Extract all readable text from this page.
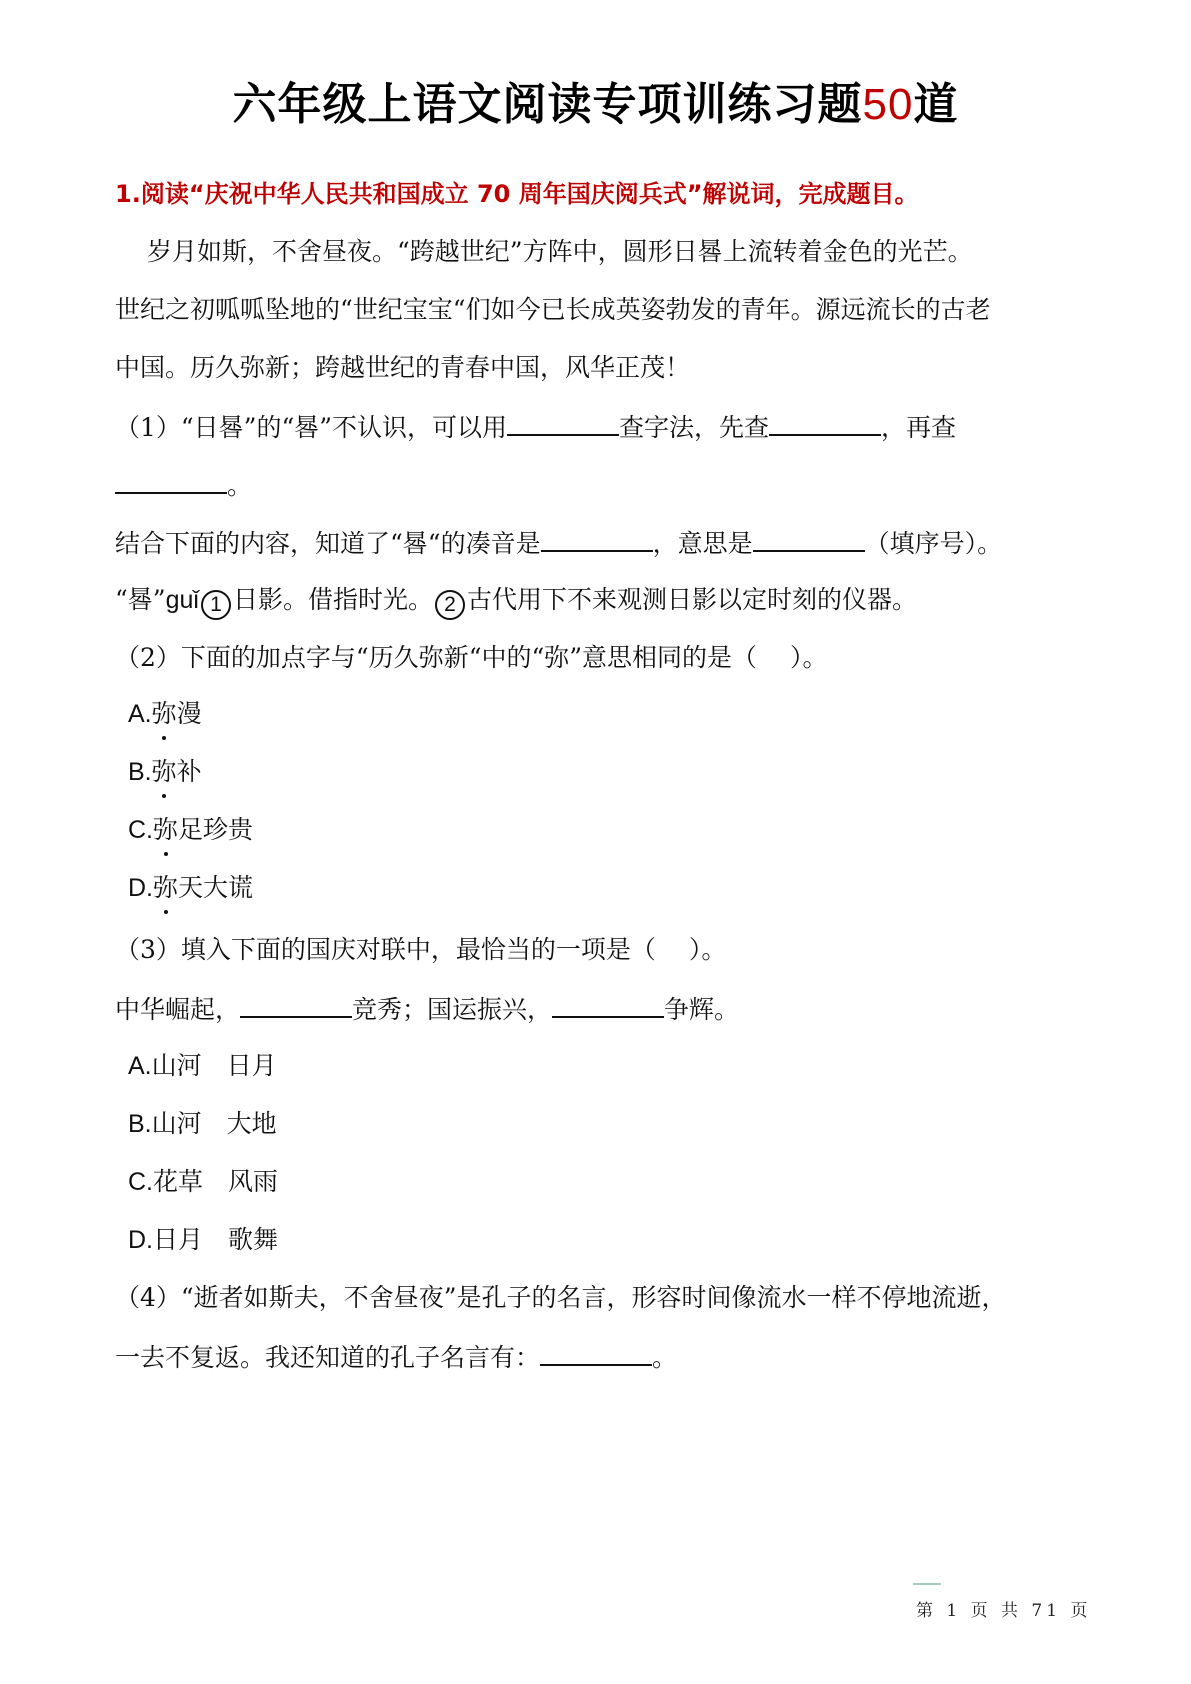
六年级上语文阅读专项训练习题50道
1.阅读“庆祝中华人民共和国成立 70 周年国庆阅兵式”解说词，完成题目。
岁月如斯，不舍昼夜。“跨越世纪”方阵中，圆形日晷上流转着金色的光芒。
世纪之初呱呱坠地的“世纪宝宝“们如今已长成英姿勃发的青年。源远流长的古老
中国。历久弥新；跨越世纪的青春中国，风华正茂！
（1）“日晷”的“晷”不认识，可以用	查字法，先查	，再查
。
结合下面的内容，知道了“晷“的凑音是	，意思是	（填序号）。
“晷”guǐ 1 日影。借指时光。 2 古代用下不来观测日影以定时刻的仪器。
（2）下面的加点字与“历久弥新“中的“弥”意思相同的是（　 ）。
A.弥漫
B.弥补
C.弥足珍贵
D.弥天大谎
（3）填入下面的国庆对联中，最恰当的一项是（　 ）。
中华崛起，	竞秀；国运振兴，	争辉。
A.山河　日月
B.山河　大地
C.花草　风雨
D.日月　歌舞
（4）“逝者如斯夫，不舍昼夜”是孔子的名言，形容时间像流水一样不停地流逝，
一去不复返。我还知道的孔子名言有：	。
第 1 页 共 71 页
